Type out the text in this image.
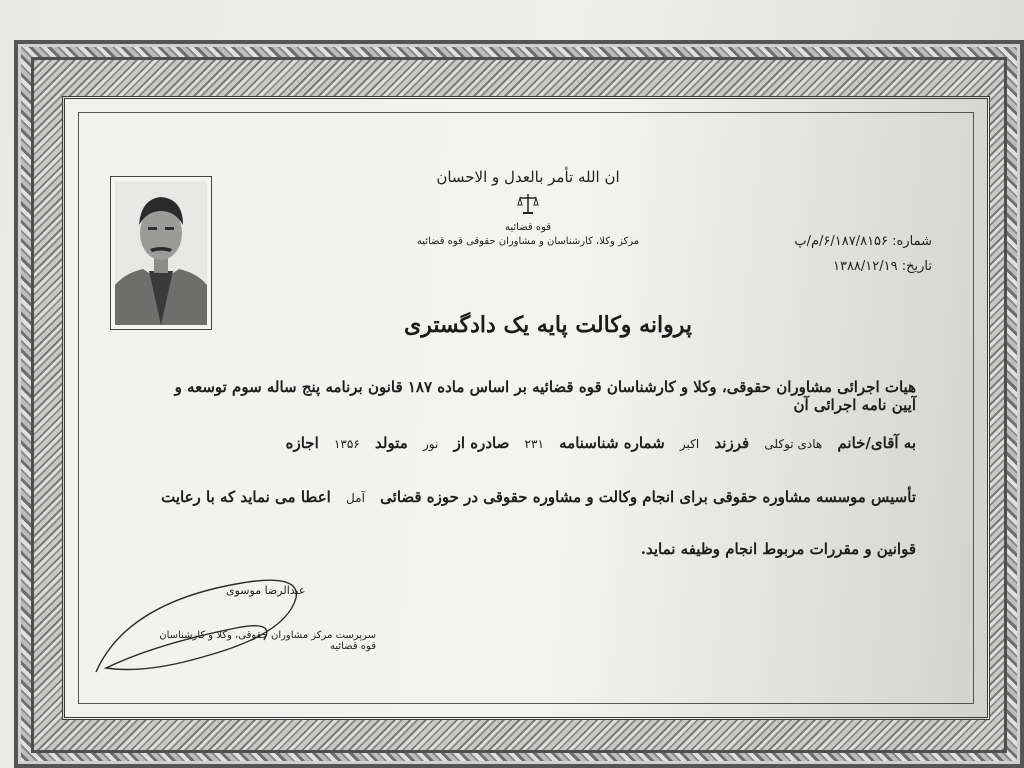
ان الله تأمر بالعدل و الاحسان
قوه قضائیه
مرکز وکلا، کارشناسان و مشاوران حقوقی قوه قضائیه	شماره: ۶/۱۸۷/۸۱۵۶/م/پ
تاریخ: ۱۳۸۸/۱۲/۱۹
پروانه وکالت پایه یک دادگستری
هیات اجرائی مشاوران حقوقی، وکلا و کارشناسان قوه قضائیه بر اساس ماده ۱۸۷ قانون برنامه پنج ساله سوم توسعه و آیین نامه اجرائی آن
به آقای/خانم هادی توکلی فرزند اکبر شماره شناسنامه ۲۳۱ صادره از نور متولد ۱۳۵۶ اجازه
تأسیس موسسه مشاوره حقوقی برای انجام وکالت و مشاوره حقوقی در حوزه قضائی آمل اعطا می نماید که با رعایت
قوانین و مقررات مربوط انجام وظیفه نماید.
عبدالرضا موسوی
سرپرست مرکز مشاوران حقوقی، وکلا و کارشناسان قوه قضائیه
